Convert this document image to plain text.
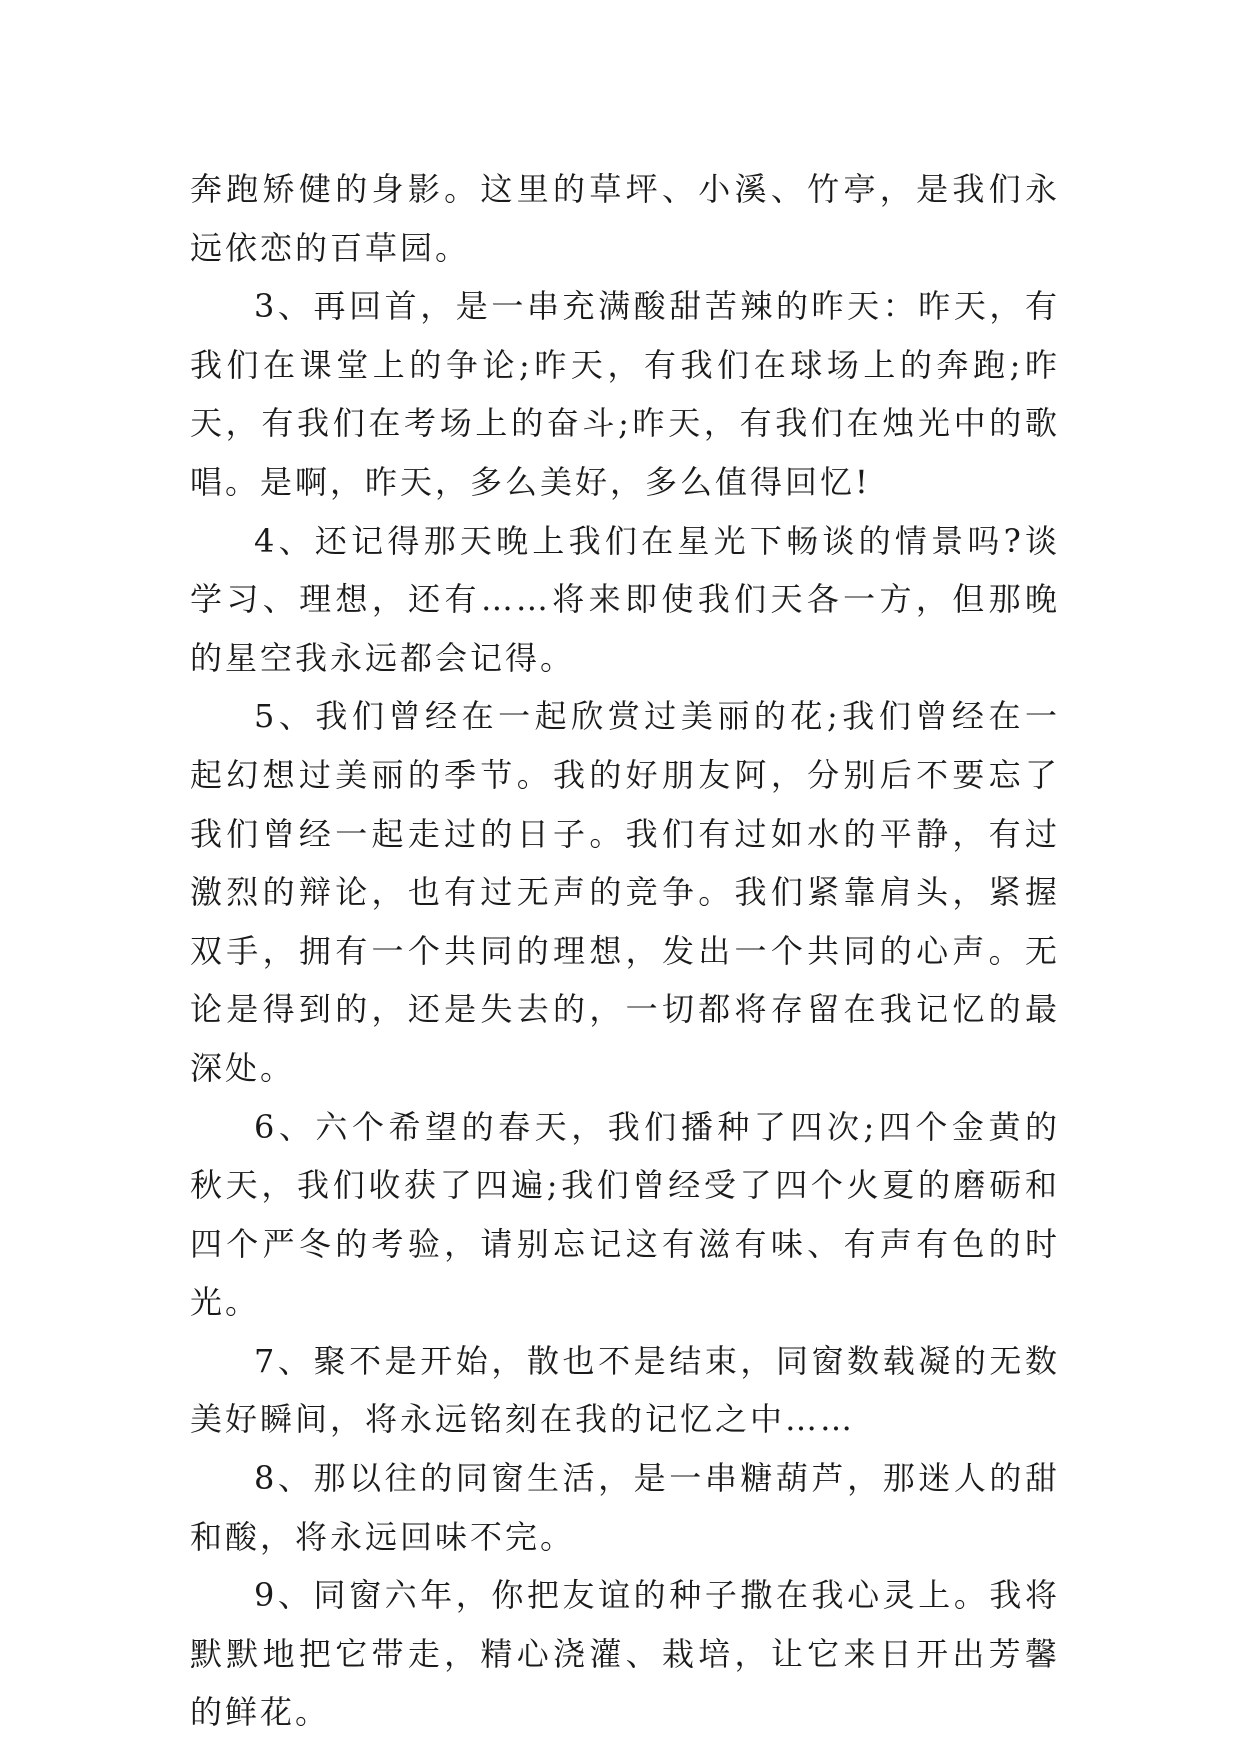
奔跑矫健的身影。这里的草坪、小溪、竹亭，是我们永远依恋的百草园。

3、再回首，是一串充满酸甜苦辣的昨天：昨天，有我们在课堂上的争论;昨天，有我们在球场上的奔跑;昨天，有我们在考场上的奋斗;昨天，有我们在烛光中的歌唱。是啊，昨天，多么美好，多么值得回忆!

4、还记得那天晚上我们在星光下畅谈的情景吗?谈学习、理想，还有……将来即使我们天各一方，但那晚的星空我永远都会记得。

5、我们曾经在一起欣赏过美丽的花;我们曾经在一起幻想过美丽的季节。我的好朋友阿，分别后不要忘了我们曾经一起走过的日子。我们有过如水的平静，有过激烈的辩论，也有过无声的竞争。我们紧靠肩头，紧握双手，拥有一个共同的理想，发出一个共同的心声。无论是得到的，还是失去的，一切都将存留在我记忆的最深处。

6、六个希望的春天，我们播种了四次;四个金黄的秋天，我们收获了四遍;我们曾经受了四个火夏的磨砺和四个严冬的考验，请别忘记这有滋有味、有声有色的时光。

7、聚不是开始，散也不是结束，同窗数载凝的无数美好瞬间，将永远铭刻在我的记忆之中……

8、那以往的同窗生活，是一串糖葫芦，那迷人的甜和酸，将永远回味不完。

9、同窗六年，你把友谊的种子撒在我心灵上。我将默默地把它带走，精心浇灌、栽培，让它来日开出芳馨的鲜花。
